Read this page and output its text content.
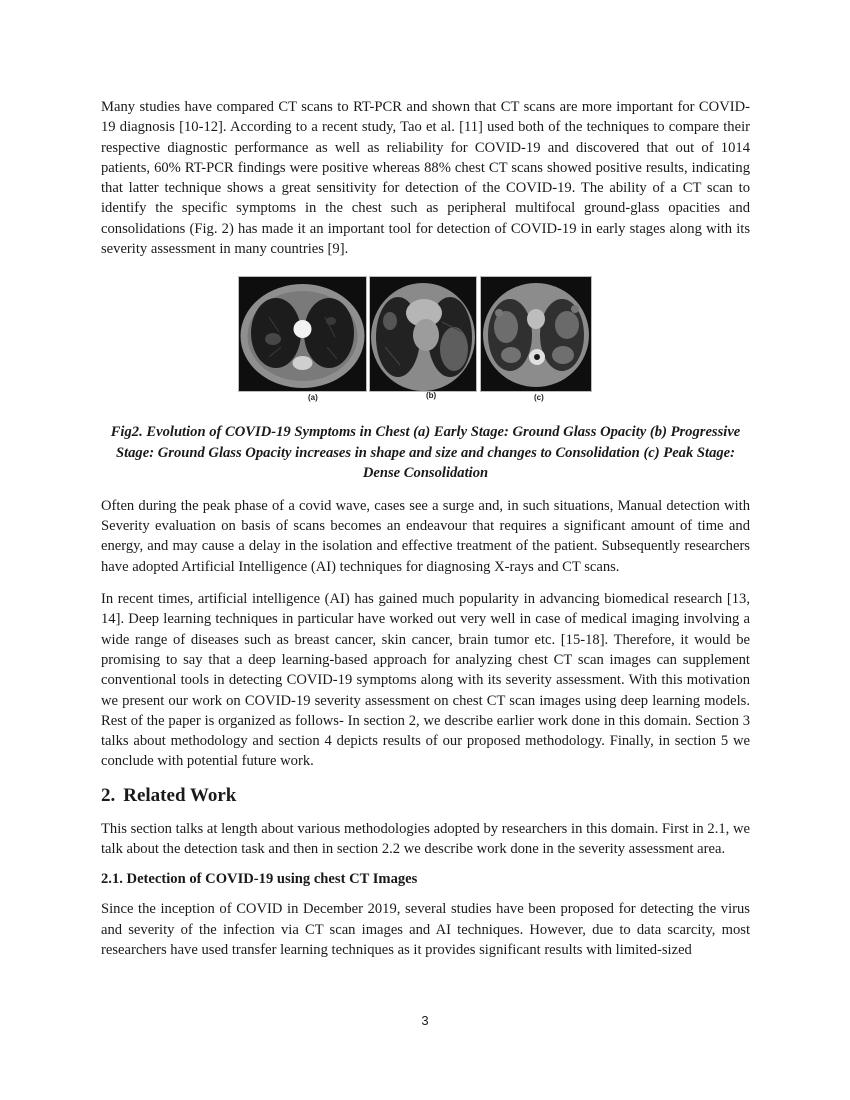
Many studies have compared CT scans to RT-PCR and shown that CT scans are more important for COVID-19 diagnosis [10-12]. According to a recent study, Tao et al. [11] used both of the techniques to compare their respective diagnostic performance as well as reliability for COVID-19 and discovered that out of 1014 patients, 60% RT-PCR findings were positive whereas 88% chest CT scans showed positive results, indicating that latter technique shows a great sensitivity for detection of the COVID-19. The ability of a CT scan to identify the specific symptoms in the chest such as peripheral multifocal ground-glass opacities and consolidations (Fig. 2) has made it an important tool for detection of COVID-19 in early stages along with its severity assessment in many countries [9].

(a)	(b)	(c)
Fig2. Evolution of COVID-19 Symptoms in Chest (a) Early Stage: Ground Glass Opacity (b) Progressive Stage: Ground Glass Opacity increases in shape and size and changes to Consolidation (c) Peak Stage: Dense Consolidation

Often during the peak phase of a covid wave, cases see a surge and, in such situations, Manual detection with Severity evaluation on basis of scans becomes an endeavour that requires a significant amount of time and energy, and may cause a delay in the isolation and effective treatment of the patient. Subsequently researchers have adopted Artificial Intelligence (AI) techniques for diagnosing X-rays and CT scans.

In recent times, artificial intelligence (AI) has gained much popularity in advancing biomedical research [13, 14]. Deep learning techniques in particular have worked out very well in case of medical imaging involving a wide range of diseases such as breast cancer, skin cancer, brain tumor etc. [15-18]. Therefore, it would be promising to say that a deep learning-based approach for analyzing chest CT scan images can supplement conventional tools in detecting COVID-19 symptoms along with its severity assessment. With this motivation we present our work on COVID-19 severity assessment on chest CT scan images using deep learning models. Rest of the paper is organized as follows- In section 2, we describe earlier work done in this domain. Section 3 talks about methodology and section 4 depicts results of our proposed methodology. Finally, in section 5 we conclude with potential future work.

2. Related Work

This section talks at length about various methodologies adopted by researchers in this domain. First in 2.1, we talk about the detection task and then in section 2.2 we describe work done in the severity assessment area.

2.1. Detection of COVID-19 using chest CT Images

Since the inception of COVID in December 2019, several studies have been proposed for detecting the virus and severity of the infection via CT scan images and AI techniques. However, due to data scarcity, most researchers have used transfer learning techniques as it provides significant results with limited-sized

3
